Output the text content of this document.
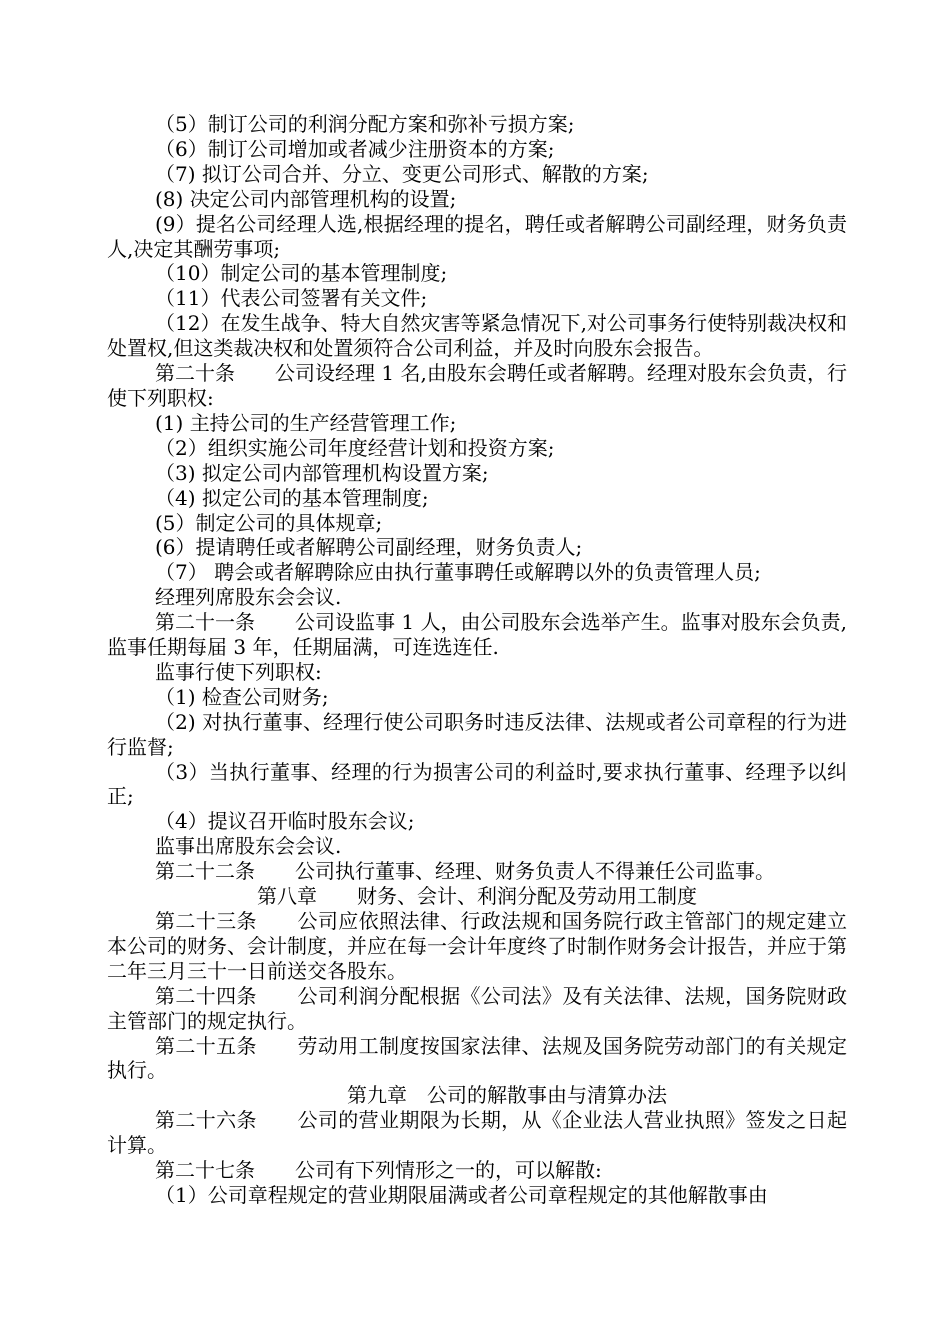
（5）制订公司的利润分配方案和弥补亏损方案;

（6）制订公司增加或者减少注册资本的方案;

（7) 拟订公司合并、分立、变更公司形式、解散的方案;

(8) 决定公司内部管理机构的设置;

(9）提名公司经理人选,根据经理的提名，聘任或者解聘公司副经理，财务负责人,决定其酬劳事项;

（10）制定公司的基本管理制度;

（11）代表公司签署有关文件;

（12）在发生战争、特大自然灾害等紧急情况下,对公司事务行使特别裁决权和处置权,但这类裁决权和处置须符合公司利益，并及时向股东会报告。

第二十条　　公司设经理 1 名,由股东会聘任或者解聘。经理对股东会负责，行使下列职权:

(1) 主持公司的生产经营管理工作;

（2）组织实施公司年度经营计划和投资方案;

（3) 拟定公司内部管理机构设置方案;

（4) 拟定公司的基本管理制度;

(5）制定公司的具体规章;

(6）提请聘任或者解聘公司副经理，财务负责人;

（7） 聘会或者解聘除应由执行董事聘任或解聘以外的负责管理人员;

经理列席股东会会议.

第二十一条　　公司设监事 1 人，由公司股东会选举产生。监事对股东会负责,监事任期每届 3 年，任期届满，可连选连任.

监事行使下列职权:

（1) 检查公司财务;

（2) 对执行董事、经理行使公司职务时违反法律、法规或者公司章程的行为进行监督;

（3）当执行董事、经理的行为损害公司的利益时,要求执行董事、经理予以纠正;

（4）提议召开临时股东会议;

监事出席股东会会议.

第二十二条　　公司执行董事、经理、财务负责人不得兼任公司监事。

第八章　　财务、会计、利润分配及劳动用工制度

第二十三条　　公司应依照法律、行政法规和国务院行政主管部门的规定建立本公司的财务、会计制度，并应在每一会计年度终了时制作财务会计报告，并应于第二年三月三十一日前送交各股东。

第二十四条　　公司利润分配根据《公司法》及有关法律、法规，国务院财政主管部门的规定执行。

第二十五条　　劳动用工制度按国家法律、法规及国务院劳动部门的有关规定执行。

　　　第九章　公司的解散事由与清算办法

第二十六条　　公司的营业期限为长期，从《企业法人营业执照》签发之日起计算。

第二十七条　　公司有下列情形之一的，可以解散:

（1）公司章程规定的营业期限届满或者公司章程规定的其他解散事由
